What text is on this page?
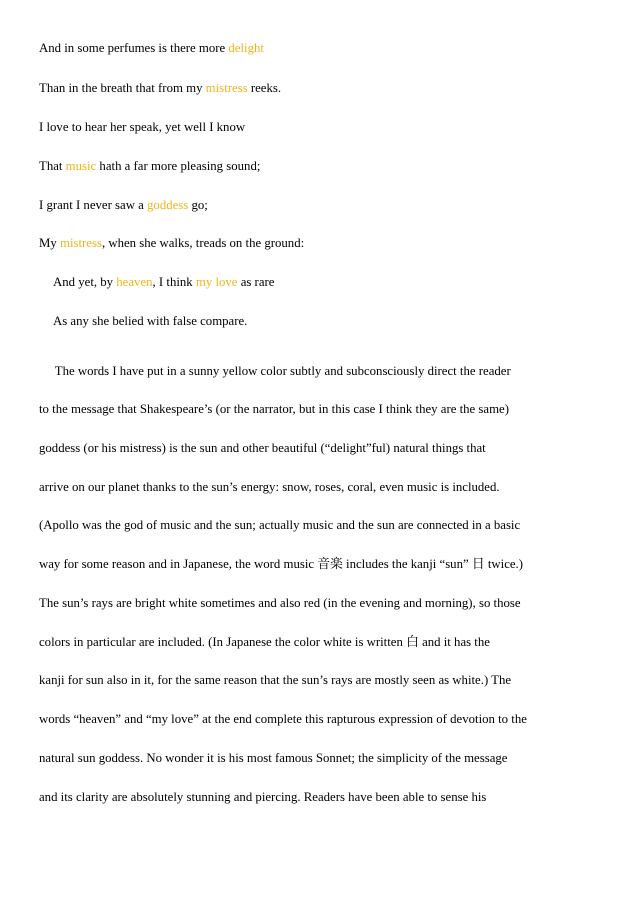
And in some perfumes is there more delight
Than in the breath that from my mistress reeks.
I love to hear her speak, yet well I know
That music hath a far more pleasing sound;
I grant I never saw a goddess go;
My mistress, when she walks, treads on the ground:
And yet, by heaven, I think my love as rare
As any she belied with false compare.
The words I have put in a sunny yellow color subtly and subconsciously direct the reader
to the message that Shakespeare’s (or the narrator, but in this case I think they are the same)
goddess (or his mistress) is the sun and other beautiful (“delight”ful) natural things that
arrive on our planet thanks to the sun’s energy: snow, roses, coral, even music is included.
(Apollo was the god of music and the sun; actually music and the sun are connected in a basic
way for some reason and in Japanese, the word music 音楽 includes the kanji “sun” 日 twice.)
The sun’s rays are bright white sometimes and also red (in the evening and morning), so those
colors in particular are included. (In Japanese the color white is written 白 and it has the
kanji for sun also in it, for the same reason that the sun’s rays are mostly seen as white.) The
words “heaven” and “my love” at the end complete this rapturous expression of devotion to the
natural sun goddess. No wonder it is his most famous Sonnet; the simplicity of the message
and its clarity are absolutely stunning and piercing. Readers have been able to sense his
